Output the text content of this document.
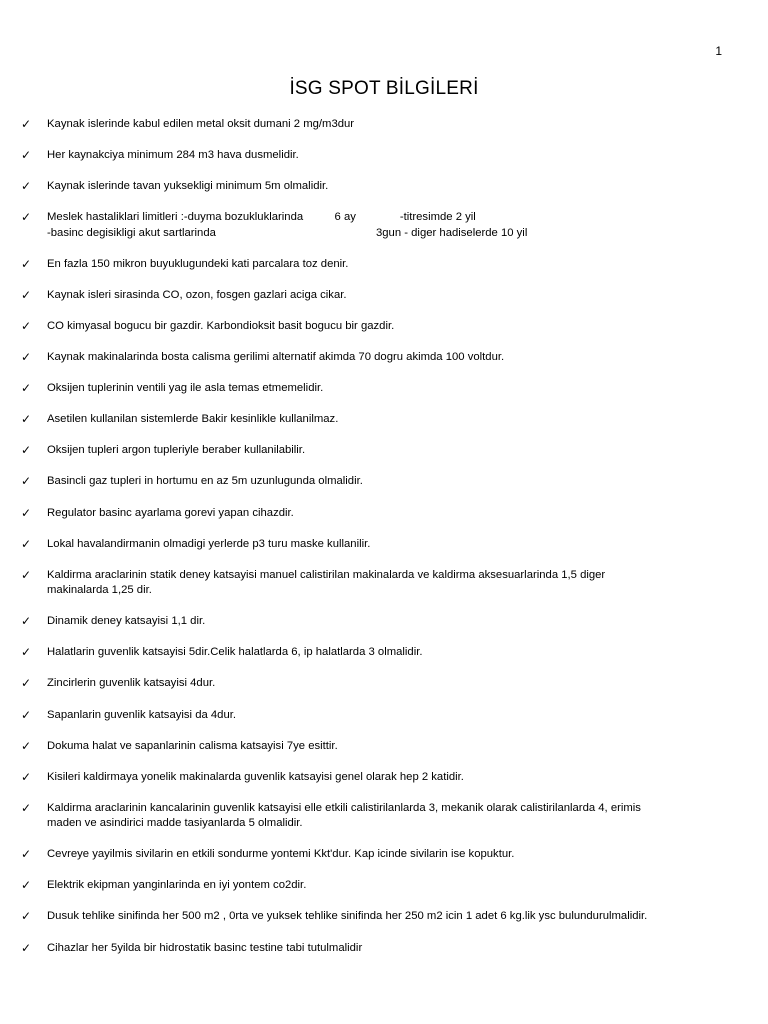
1
İSG SPOT BİLGİLERİ
✓ Kaynak islerinde kabul edilen metal oksit dumani 2 mg/m3dur
✓ Her kaynakciya minimum 284 m3 hava dusmelidir.
✓ Kaynak islerinde tavan yuksekligi minimum 5m olmalidir.
✓ Meslek hastaliklari limitleri :-duyma bozukluklarinda          6 ay              -titresimde 2 yil
-basinc degisikligi akut sartlarinda                                                   3gun - diger hadiselerde 10 yil
✓ En fazla 150 mikron buyuklugundeki kati parcalara toz denir.
✓ Kaynak isleri sirasinda CO, ozon, fosgen gazlari aciga cikar.
✓ CO kimyasal bogucu bir gazdir. Karbondioksit basit bogucu bir gazdir.
✓ Kaynak makinalarinda bosta calisma gerilimi alternatif akimda 70 dogru akimda 100 voltdur.
✓ Oksijen tuplerinin ventili yag ile asla temas etmemelidir.
✓ Asetilen kullanilan sistemlerde Bakir kesinlikle kullanilmaz.
✓ Oksijen tupleri argon tupleriyle beraber kullanilabilir.
✓ Basincli gaz tupleri in hortumu en az 5m uzunlugunda olmalidir.
✓ Regulator basinc ayarlama gorevi yapan cihazdir.
✓ Lokal havalandirmanin olmadigi yerlerde p3 turu maske kullanilir.
✓ Kaldirma araclarinin statik deney katsayisi manuel calistirilan makinalarda ve kaldirma aksesuarlarinda 1,5 diger
makinalarda 1,25 dir.
✓ Dinamik deney katsayisi 1,1 dir.
✓ Halatlarin guvenlik katsayisi 5dir.Celik halatlarda 6, ip halatlarda 3 olmalidir.
✓ Zincirlerin guvenlik katsayisi 4dur.
✓ Sapanlarin guvenlik katsayisi da 4dur.
✓ Dokuma halat ve sapanlarinin calisma katsayisi 7ye esittir.
✓ Kisileri kaldirmaya yonelik makinalarda guvenlik katsayisi genel olarak hep 2 katidir.
✓ Kaldirma araclarinin kancalarinin guvenlik katsayisi elle etkili calistirilanlarda 3, mekanik olarak calistirilanlarda 4, erimis
maden ve asindirici madde tasiyanlarda 5 olmalidir.
✓ Cevreye yayilmis sivilarin en etkili sondurme yontemi Kkt'dur. Kap icinde sivilarin ise kopuktur.
✓ Elektrik ekipman yanginlarinda en iyi yontem co2dir.
✓ Dusuk tehlike sinifinda her 500 m2 , 0rta ve yuksek tehlike sinifinda her 250 m2 icin 1 adet 6 kg.lik ysc bulundurulmalidir.
✓ Cihazlar her 5yilda bir hidrostatik basinc testine tabi tutulmalidir
